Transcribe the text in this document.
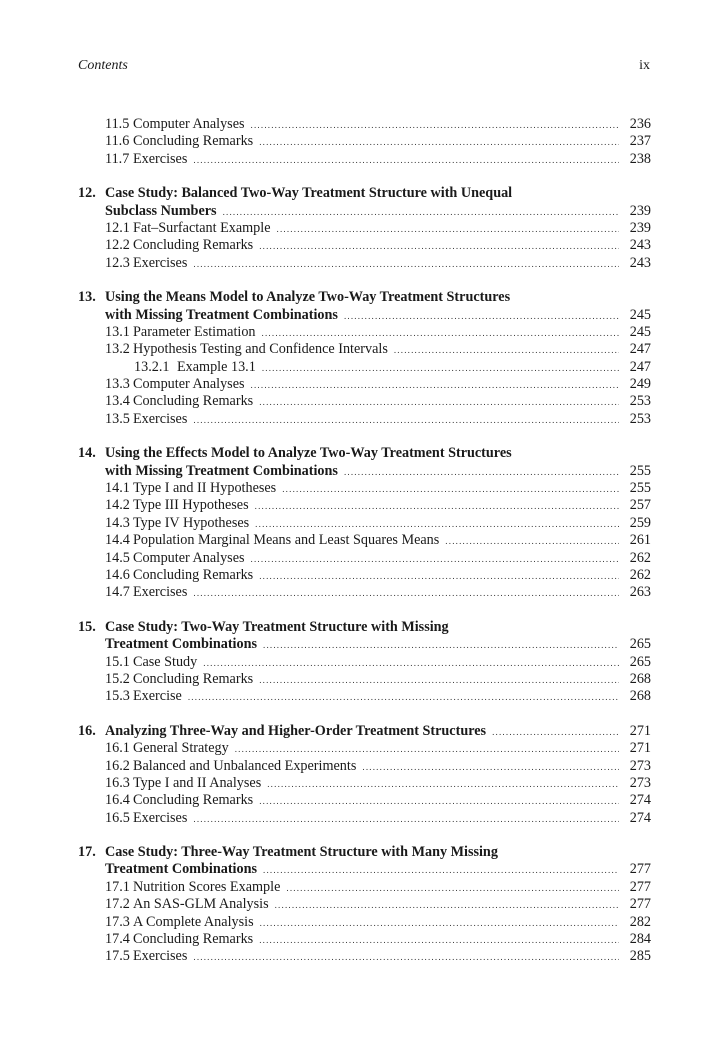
Contents	ix
11.5 Computer Analyses .....	236
11.6 Concluding Remarks .....	237
11.7 Exercises .....	238
12. Case Study: Balanced Two-Way Treatment Structure with Unequal
Subclass Numbers .....	239
12.1 Fat–Surfactant Example .....	239
12.2 Concluding Remarks .....	243
12.3 Exercises .....	243
13. Using the Means Model to Analyze Two-Way Treatment Structures
with Missing Treatment Combinations .....	245
13.1 Parameter Estimation .....	245
13.2 Hypothesis Testing and Confidence Intervals .....	247
13.2.1 Example 13.1 .....	247
13.3 Computer Analyses .....	249
13.4 Concluding Remarks .....	253
13.5 Exercises .....	253
14. Using the Effects Model to Analyze Two-Way Treatment Structures
with Missing Treatment Combinations .....	255
14.1 Type I and II Hypotheses .....	255
14.2 Type III Hypotheses .....	257
14.3 Type IV Hypotheses .....	259
14.4 Population Marginal Means and Least Squares Means .....	261
14.5 Computer Analyses .....	262
14.6 Concluding Remarks .....	262
14.7 Exercises .....	263
15. Case Study: Two-Way Treatment Structure with Missing
Treatment Combinations .....	265
15.1 Case Study .....	265
15.2 Concluding Remarks .....	268
15.3 Exercise .....	268
16. Analyzing Three-Way and Higher-Order Treatment Structures .....	271
16.1 General Strategy .....	271
16.2 Balanced and Unbalanced Experiments .....	273
16.3 Type I and II Analyses .....	273
16.4 Concluding Remarks .....	274
16.5 Exercises .....	274
17. Case Study: Three-Way Treatment Structure with Many Missing
Treatment Combinations .....	277
17.1 Nutrition Scores Example .....	277
17.2 An SAS-GLM Analysis .....	277
17.3 A Complete Analysis .....	282
17.4 Concluding Remarks .....	284
17.5 Exercises .....	285
